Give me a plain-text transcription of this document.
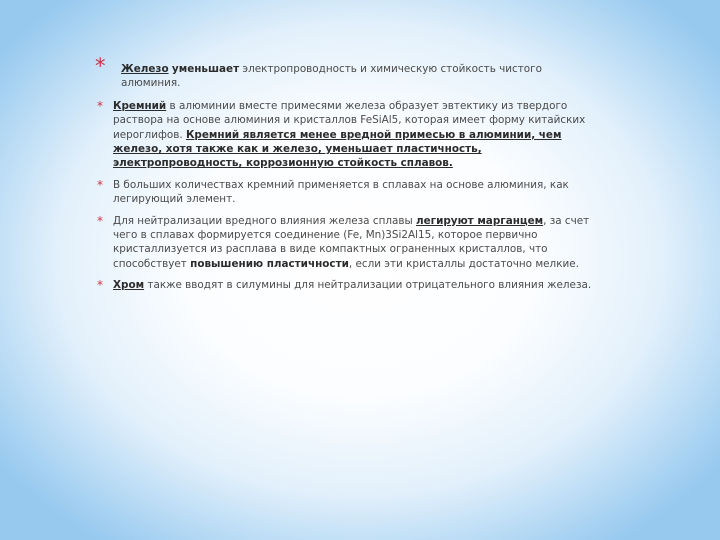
* Железо уменьшает электропроводность и химическую стойкость чистого алюминия.
* Кремний в алюминии вместе примесями железа образует эвтектику из твердого раствора на основе алюминия и кристаллов FeSiAl5, которая имеет форму китайских иероглифов. Кремний является менее вредной примесью в алюминии, чем железо, хотя также как и железо, уменьшает пластичность, электропроводность, коррозионную стойкость сплавов.
* В больших количествах кремний применяется в сплавах на основе алюминия, как легирующий элемент.
* Для нейтрализации вредного влияния железа сплавы легируют марганцем, за счет чего в сплавах формируется соединение (Fe, Mn)3Si2Al15, которое первично кристаллизуется из расплава в виде компактных ограненных кристаллов, что способствует повышению пластичности, если эти кристаллы достаточно мелкие.
* Хром также вводят в силумины для нейтрализации отрицательного влияния железа.
